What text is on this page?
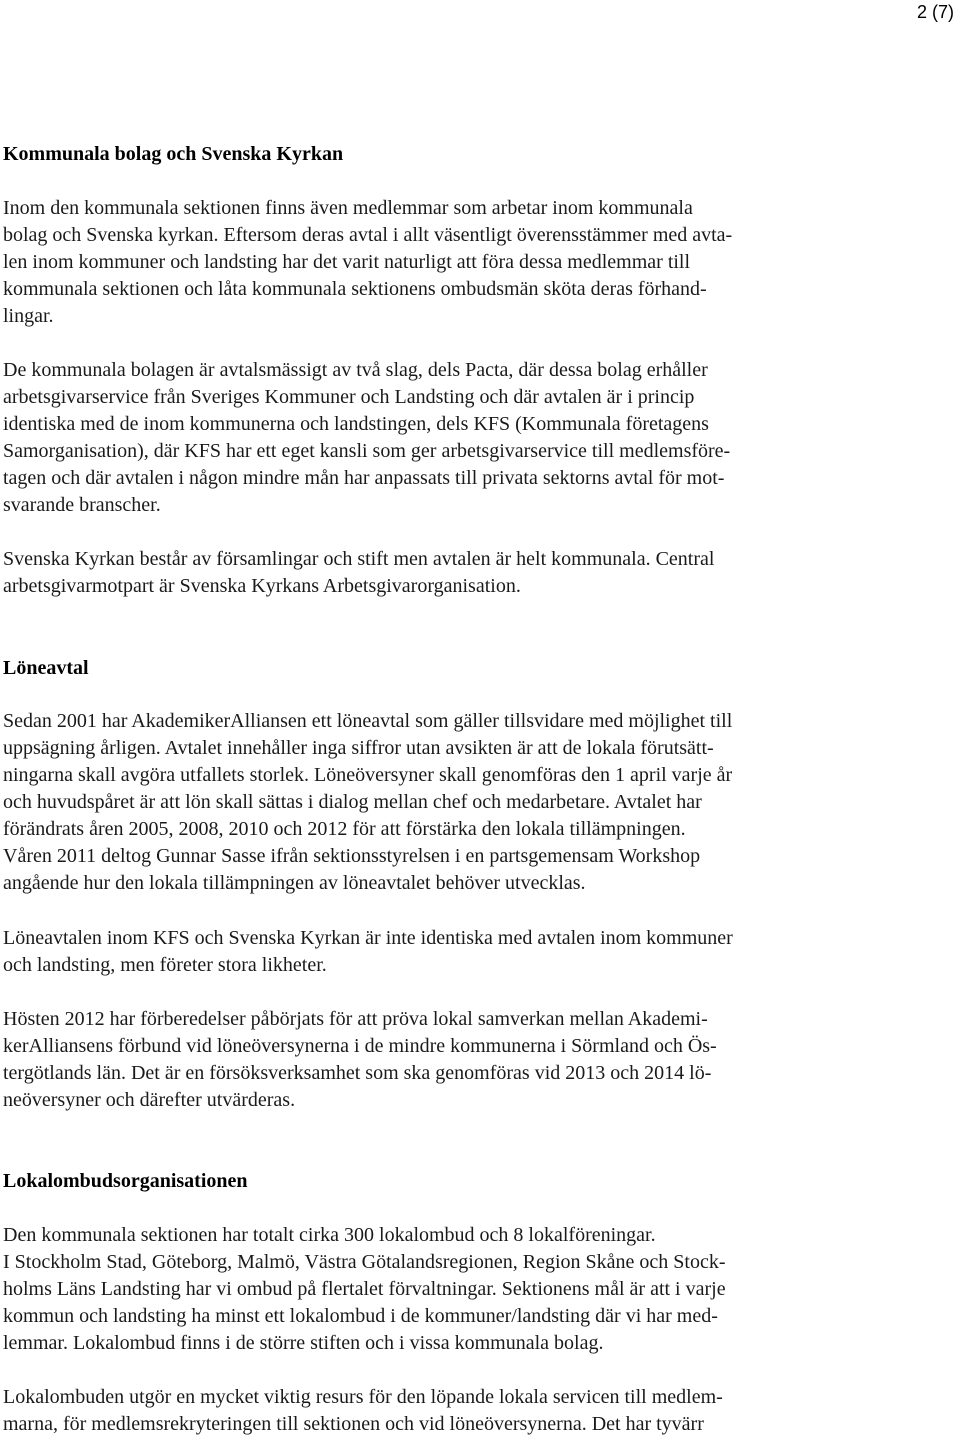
2 (7)
Kommunala bolag och Svenska Kyrkan
Inom den kommunala sektionen finns även medlemmar som arbetar inom kommunala
bolag och Svenska kyrkan. Eftersom deras avtal i allt väsentligt överensstämmer med avta-
len inom kommuner och landsting har det varit naturligt att föra dessa medlemmar till
kommunala sektionen och låta kommunala sektionens ombudsmän sköta deras förhand-
lingar.
De kommunala bolagen är avtalsmässigt av två slag, dels Pacta, där dessa bolag erhåller
arbetsgivarservice från Sveriges Kommuner och Landsting och där avtalen är i princip
identiska med de inom kommunerna och landstingen, dels KFS (Kommunala företagens
Samorganisation), där KFS har ett eget kansli som ger arbetsgivarservice till medlemsföre-
tagen och där avtalen i någon mindre mån har anpassats till privata sektorns avtal för mot-
svarande branscher.
Svenska Kyrkan består av församlingar och stift men avtalen är helt kommunala. Central
arbetsgivarmotpart är Svenska Kyrkans Arbetsgivarorganisation.
Löneavtal
Sedan 2001 har AkademikerAlliansen ett löneavtal som gäller tillsvidare med möjlighet till
uppsägning årligen. Avtalet innehåller inga siffror utan avsikten är att de lokala förutsätt-
ningarna skall avgöra utfallets storlek. Löneöversyner skall genomföras den 1 april varje år
och huvudspåret är att lön skall sättas i dialog mellan chef och medarbetare. Avtalet har
förändrats åren 2005, 2008, 2010 och 2012 för att förstärka den lokala tillämpningen.
Våren 2011 deltog Gunnar Sasse ifrån sektionsstyrelsen i en partsgemensam Workshop
angående hur den lokala tillämpningen av löneavtalet behöver utvecklas.
Löneavtalen inom KFS och Svenska Kyrkan är inte identiska med avtalen inom kommuner
och landsting, men företer stora likheter.
Hösten 2012 har förberedelser påbörjats för att pröva lokal samverkan mellan Akademi-
kerAlliansens förbund vid löneöversynerna i de mindre kommunerna i Sörmland och Ös-
tergötlands län. Det är en försöksverksamhet som ska genomföras vid 2013 och 2014 lö-
neöversyner och därefter utvärderas.
Lokalombudsorganisationen
Den kommunala sektionen har totalt cirka 300 lokalombud och 8 lokalföreningar.
I Stockholm Stad, Göteborg, Malmö, Västra Götalandsregionen, Region Skåne och Stock-
holms Läns Landsting har vi ombud på flertalet förvaltningar. Sektionens mål är att i varje
kommun och landsting ha minst ett lokalombud i de kommuner/landsting där vi har med-
lemmar. Lokalombud finns i de större stiften och i vissa kommunala bolag.
Lokalombuden utgör en mycket viktig resurs för den löpande lokala servicen till medlem-
marna, för medlemsrekryteringen till sektionen och vid löneöversynerna. Det har tyvärr
